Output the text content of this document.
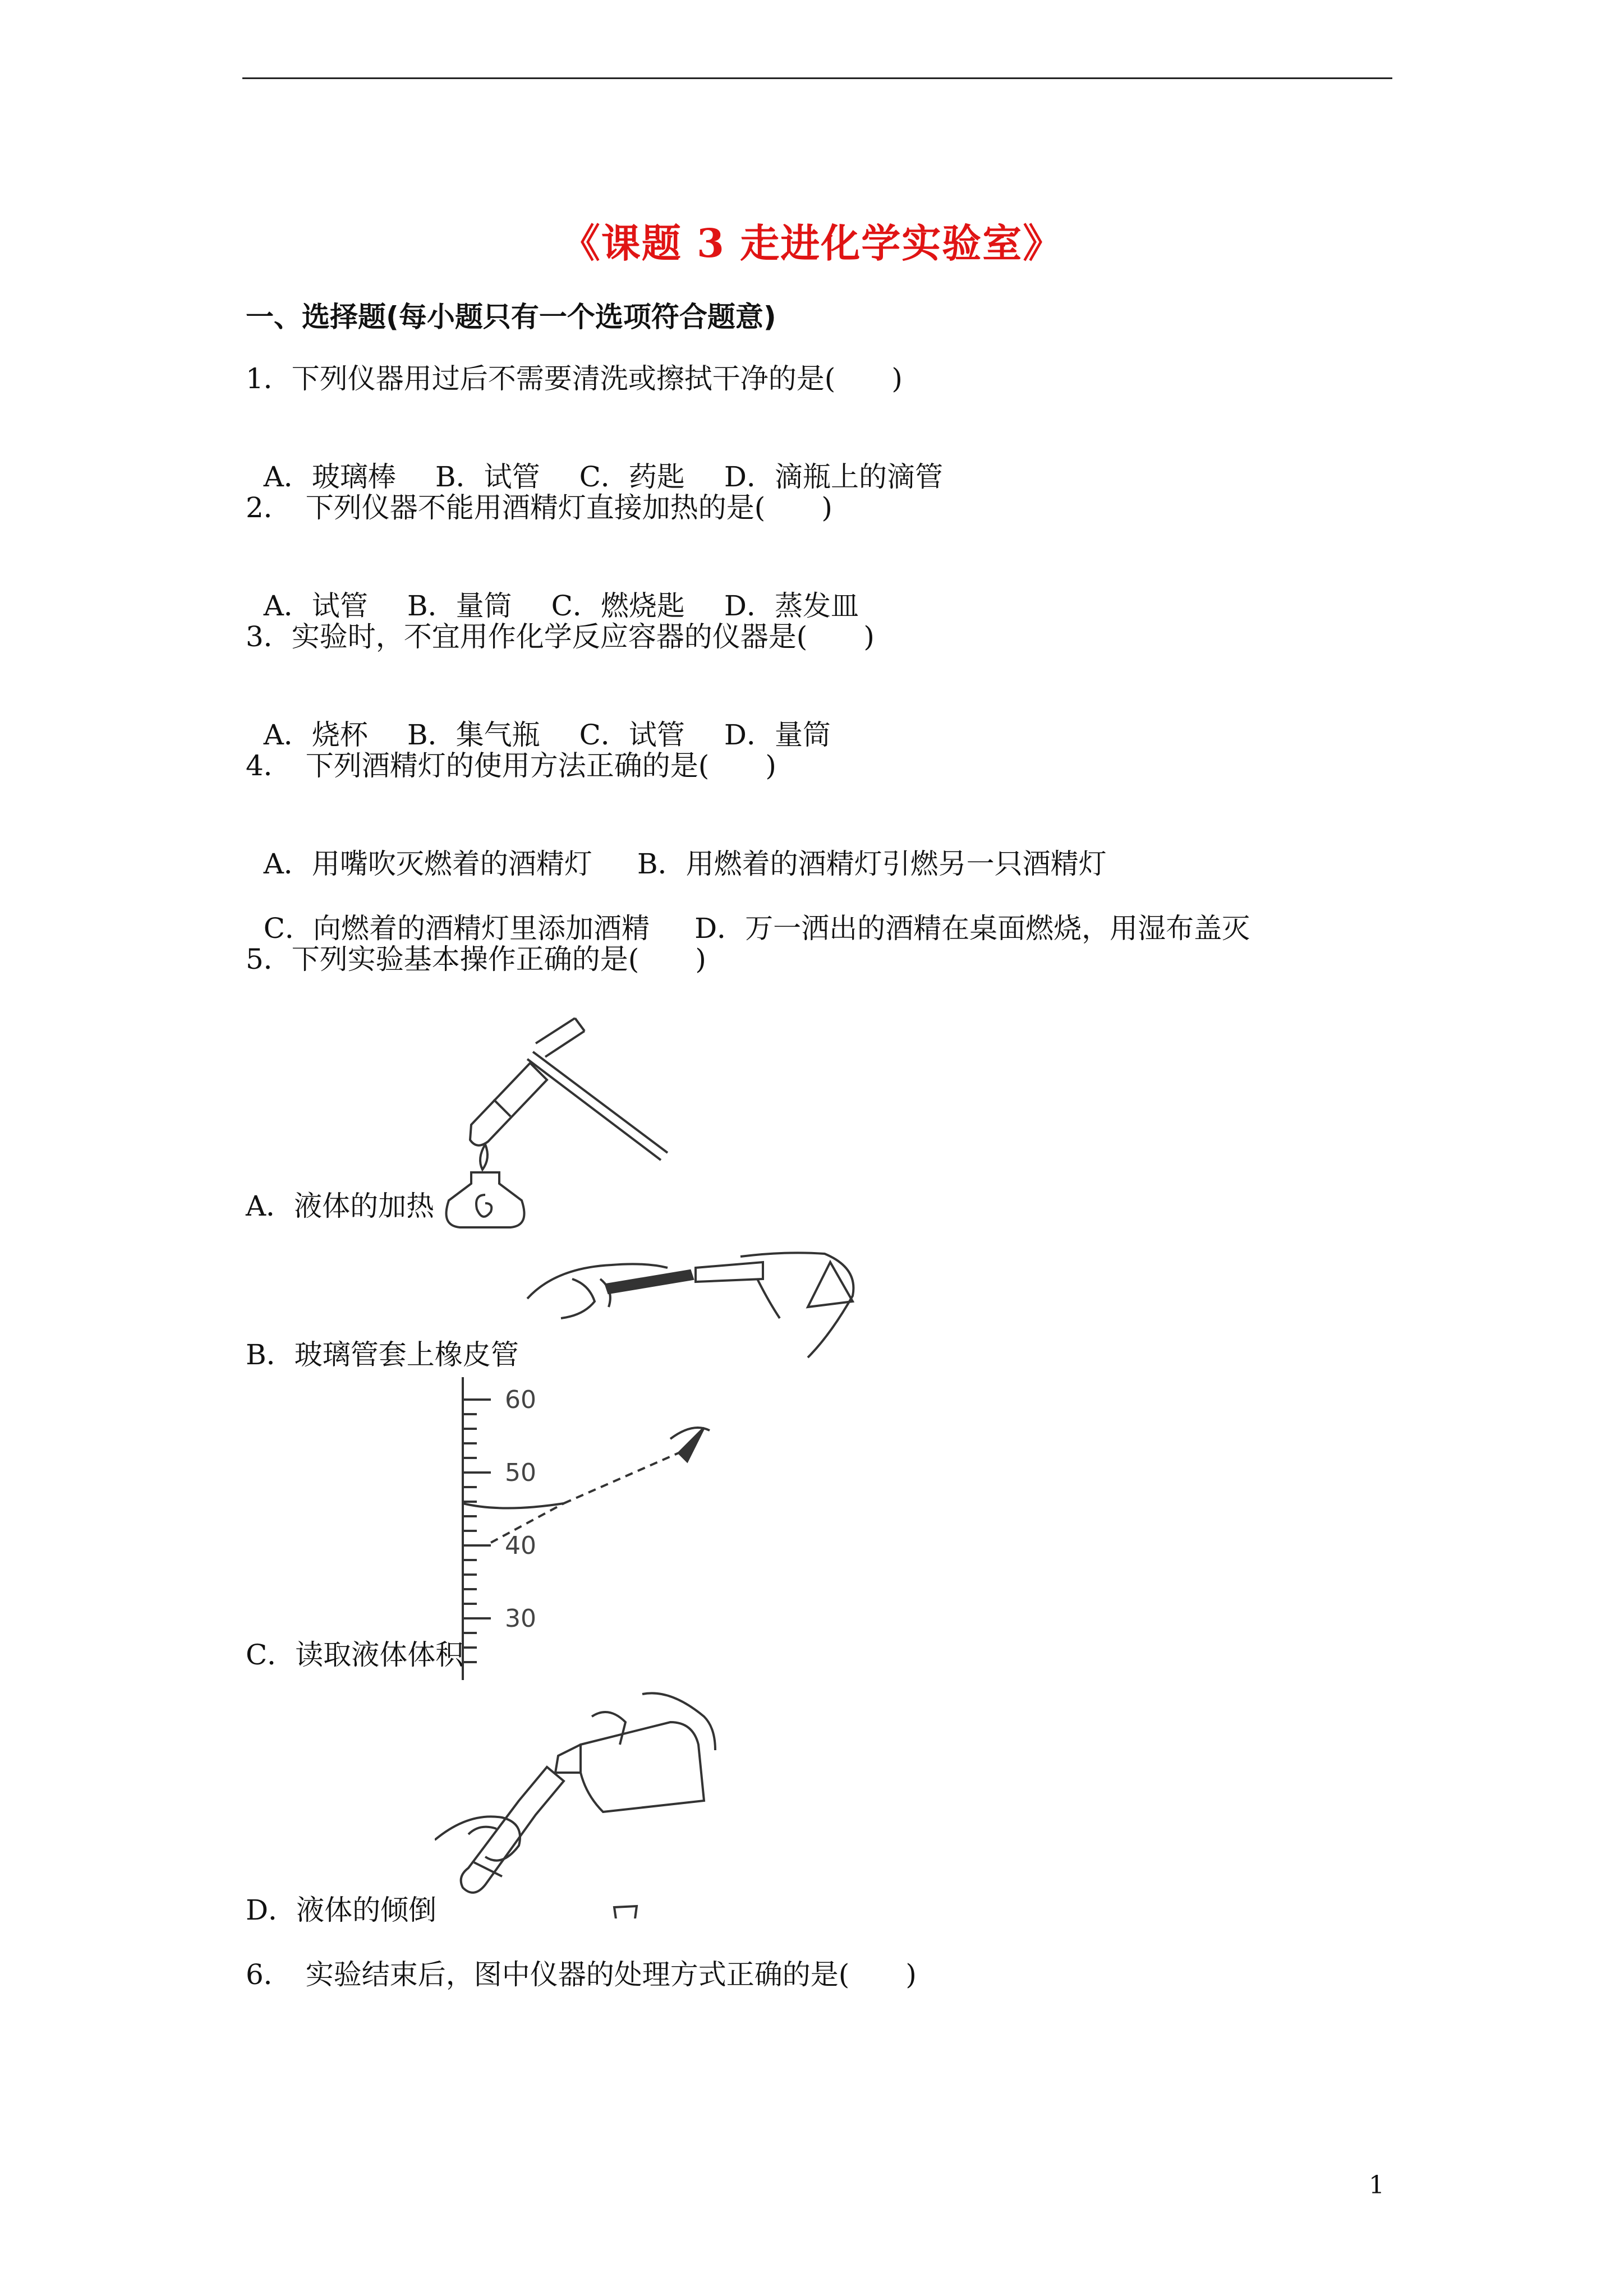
《课题 3 走进化学实验室》
一、选择题(每小题只有一个选项符合题意)
1．下列仪器用过后不需要清洗或擦拭干净的是(　　)

A．玻璃棒 B．试管 C．药匙 D．滴瓶上的滴管

2．　下列仪器不能用酒精灯直接加热的是(　　)

A．试管 B．量筒 C．燃烧匙 D．蒸发皿

3．实验时，不宜用作化学反应容器的仪器是(　　)

A．烧杯 B．集气瓶 C．试管 D．量筒

4．　下列酒精灯的使用方法正确的是(　　)

A．用嘴吹灭燃着的酒精灯 B．用燃着的酒精灯引燃另一只酒精灯

C．向燃着的酒精灯里添加酒精 D．万一洒出的酒精在桌面燃烧，用湿布盖灭

5．下列实验基本操作正确的是(　　)
A．液体的加热
B．玻璃管套上橡皮管
60
50
40
30
C．读取液体体积
D．液体的倾倒
6．　实验结束后，图中仪器的处理方式正确的是(　　)
1
